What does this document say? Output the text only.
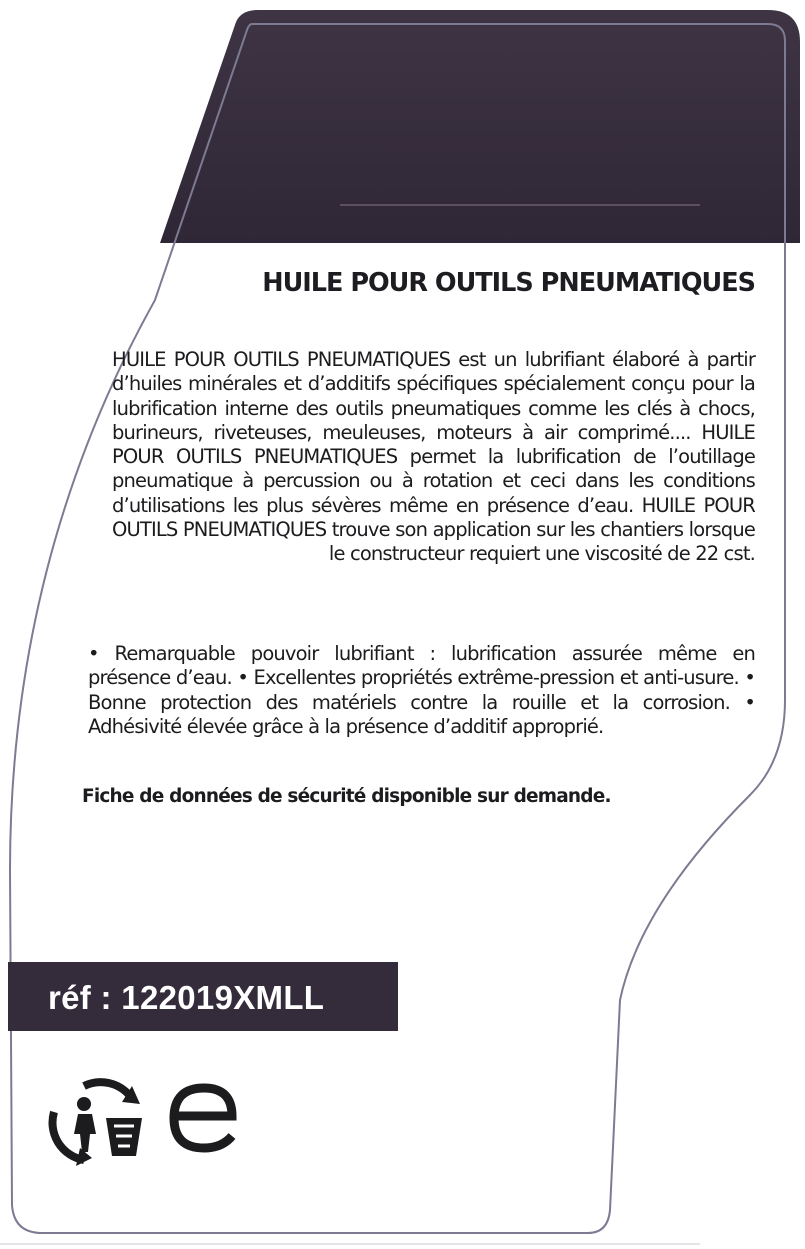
HUILE POUR OUTILS PNEUMATIQUES

HUILE POUR OUTILS PNEUMATIQUES est un lubrifiant élaboré à partir d’huiles minérales et d’additifs spécifiques spécialement conçu pour la lubrification interne des outils pneumatiques comme les clés à chocs, burineurs, riveteuses, meuleuses, moteurs à air comprimé.... HUILE POUR OUTILS PNEUMATIQUES permet la lubrification de l’outillage pneumatique à percussion ou à rotation et ceci dans les conditions d’utilisations les plus sévères même en présence d’eau. HUILE POUR OUTILS PNEUMATIQUES trouve son application sur les chantiers lorsque le constructeur requiert une viscosité de 22 cst.

• Remarquable pouvoir lubrifiant : lubrification assurée même en présence d’eau. • Excellentes propriétés extrême-pression et anti-usure. • Bonne protection des matériels contre la rouille et la corrosion. • Adhésivité élevée grâce à la présence d’additif approprié.

Fiche de données de sécurité disponible sur demande.
réf : 122019XMLL
